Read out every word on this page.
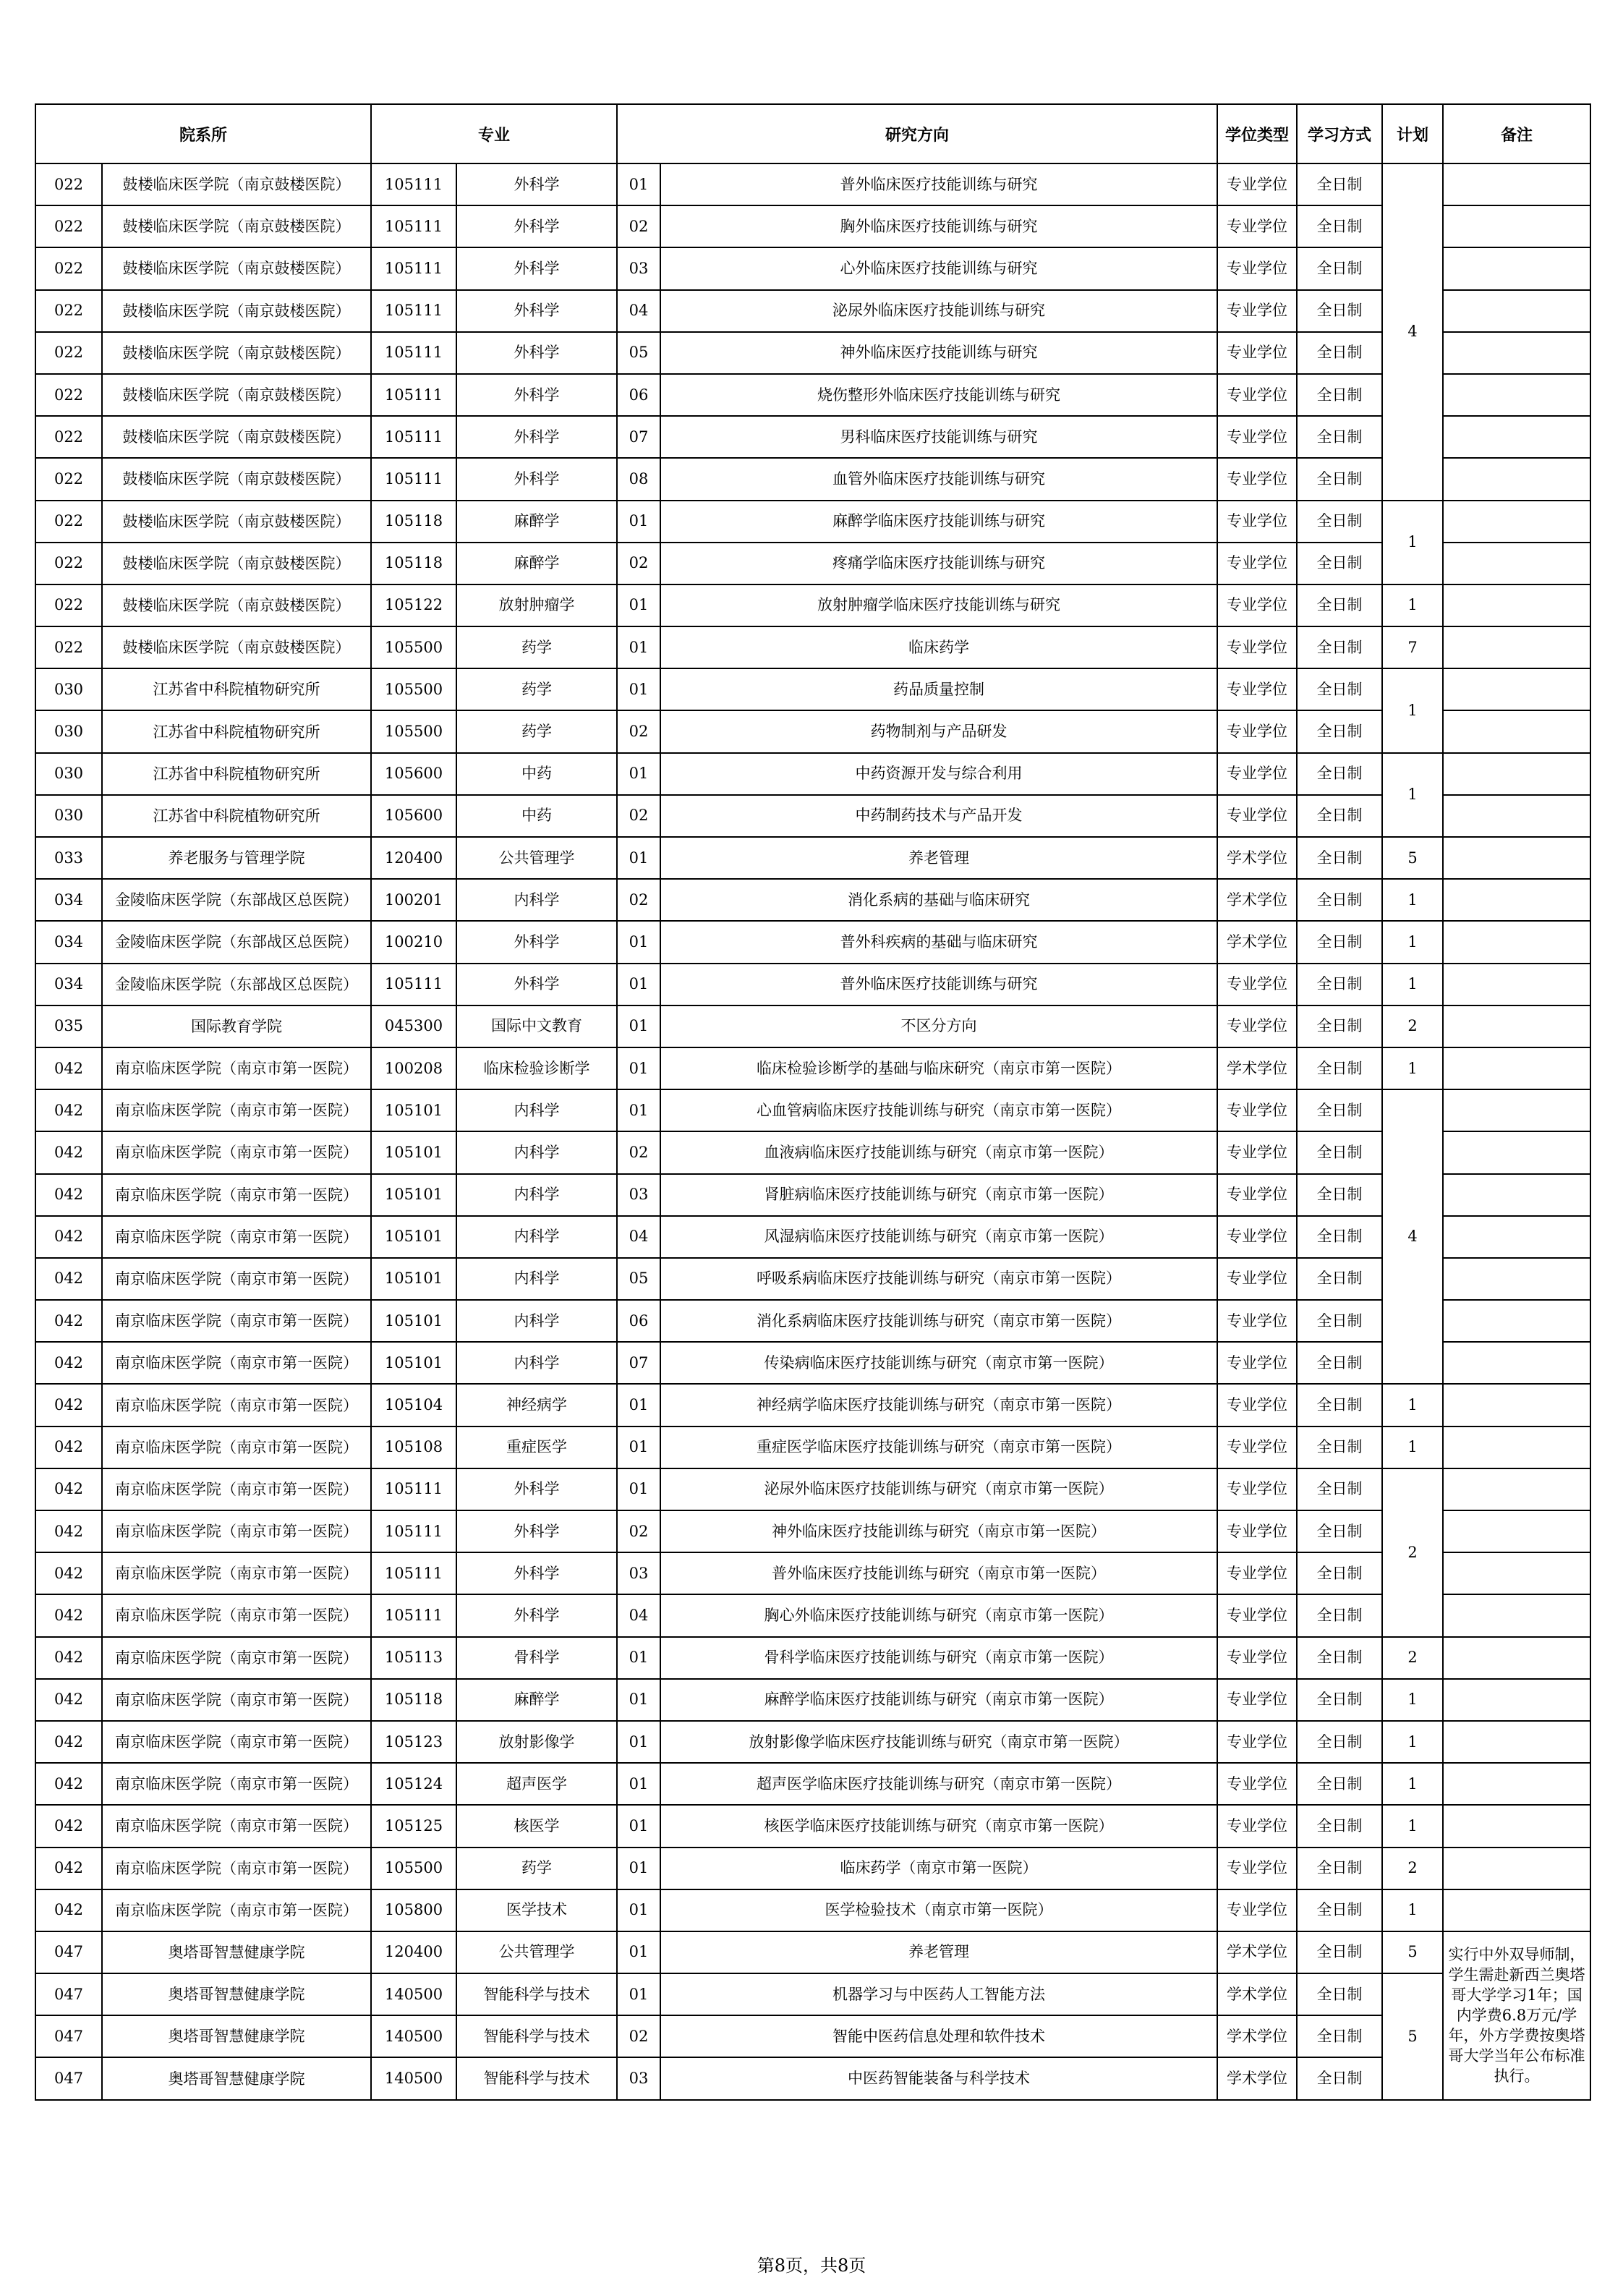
院系所		专业		研究方向		学位类型	学习方式	计划	备注
022	鼓楼临床医学院（南京鼓楼医院）	105111	外科学	01	普外临床医疗技能训练与研究	专业学位	全日制	4	
022	鼓楼临床医学院（南京鼓楼医院）	105111	外科学	02	胸外临床医疗技能训练与研究	专业学位	全日制		
022	鼓楼临床医学院（南京鼓楼医院）	105111	外科学	03	心外临床医疗技能训练与研究	专业学位	全日制		
022	鼓楼临床医学院（南京鼓楼医院）	105111	外科学	04	泌尿外临床医疗技能训练与研究	专业学位	全日制		
022	鼓楼临床医学院（南京鼓楼医院）	105111	外科学	05	神外临床医疗技能训练与研究	专业学位	全日制		
022	鼓楼临床医学院（南京鼓楼医院）	105111	外科学	06	烧伤整形外临床医疗技能训练与研究	专业学位	全日制		
022	鼓楼临床医学院（南京鼓楼医院）	105111	外科学	07	男科临床医疗技能训练与研究	专业学位	全日制		
022	鼓楼临床医学院（南京鼓楼医院）	105111	外科学	08	血管外临床医疗技能训练与研究	专业学位	全日制		
022	鼓楼临床医学院（南京鼓楼医院）	105118	麻醉学	01	麻醉学临床医疗技能训练与研究	专业学位	全日制	1	
022	鼓楼临床医学院（南京鼓楼医院）	105118	麻醉学	02	疼痛学临床医疗技能训练与研究	专业学位	全日制		
022	鼓楼临床医学院（南京鼓楼医院）	105122	放射肿瘤学	01	放射肿瘤学临床医疗技能训练与研究	专业学位	全日制	1	
022	鼓楼临床医学院（南京鼓楼医院）	105500	药学	01	临床药学	专业学位	全日制	7	
030	江苏省中科院植物研究所	105500	药学	01	药品质量控制	专业学位	全日制	1	
030	江苏省中科院植物研究所	105500	药学	02	药物制剂与产品研发	专业学位	全日制		
030	江苏省中科院植物研究所	105600	中药	01	中药资源开发与综合利用	专业学位	全日制	1	
030	江苏省中科院植物研究所	105600	中药	02	中药制药技术与产品开发	专业学位	全日制		
033	养老服务与管理学院	120400	公共管理学	01	养老管理	学术学位	全日制	5	
034	金陵临床医学院（东部战区总医院）	100201	内科学	02	消化系病的基础与临床研究	学术学位	全日制	1	
034	金陵临床医学院（东部战区总医院）	100210	外科学	01	普外科疾病的基础与临床研究	学术学位	全日制	1	
034	金陵临床医学院（东部战区总医院）	105111	外科学	01	普外临床医疗技能训练与研究	专业学位	全日制	1	
035	国际教育学院	045300	国际中文教育	01	不区分方向	专业学位	全日制	2	
042	南京临床医学院（南京市第一医院）	100208	临床检验诊断学	01	临床检验诊断学的基础与临床研究（南京市第一医院）	学术学位	全日制	1	
042	南京临床医学院（南京市第一医院）	105101	内科学	01	心血管病临床医疗技能训练与研究（南京市第一医院）	专业学位	全日制	4	
042	南京临床医学院（南京市第一医院）	105101	内科学	02	血液病临床医疗技能训练与研究（南京市第一医院）	专业学位	全日制		
042	南京临床医学院（南京市第一医院）	105101	内科学	03	肾脏病临床医疗技能训练与研究（南京市第一医院）	专业学位	全日制		
042	南京临床医学院（南京市第一医院）	105101	内科学	04	风湿病临床医疗技能训练与研究（南京市第一医院）	专业学位	全日制		
042	南京临床医学院（南京市第一医院）	105101	内科学	05	呼吸系病临床医疗技能训练与研究（南京市第一医院）	专业学位	全日制		
042	南京临床医学院（南京市第一医院）	105101	内科学	06	消化系病临床医疗技能训练与研究（南京市第一医院）	专业学位	全日制		
042	南京临床医学院（南京市第一医院）	105101	内科学	07	传染病临床医疗技能训练与研究（南京市第一医院）	专业学位	全日制		
042	南京临床医学院（南京市第一医院）	105104	神经病学	01	神经病学临床医疗技能训练与研究（南京市第一医院）	专业学位	全日制	1	
042	南京临床医学院（南京市第一医院）	105108	重症医学	01	重症医学临床医疗技能训练与研究（南京市第一医院）	专业学位	全日制	1	
042	南京临床医学院（南京市第一医院）	105111	外科学	01	泌尿外临床医疗技能训练与研究（南京市第一医院）	专业学位	全日制	2	
042	南京临床医学院（南京市第一医院）	105111	外科学	02	神外临床医疗技能训练与研究（南京市第一医院）	专业学位	全日制		
042	南京临床医学院（南京市第一医院）	105111	外科学	03	普外临床医疗技能训练与研究（南京市第一医院）	专业学位	全日制		
042	南京临床医学院（南京市第一医院）	105111	外科学	04	胸心外临床医疗技能训练与研究（南京市第一医院）	专业学位	全日制		
042	南京临床医学院（南京市第一医院）	105113	骨科学	01	骨科学临床医疗技能训练与研究（南京市第一医院）	专业学位	全日制	2	
042	南京临床医学院（南京市第一医院）	105118	麻醉学	01	麻醉学临床医疗技能训练与研究（南京市第一医院）	专业学位	全日制	1	
042	南京临床医学院（南京市第一医院）	105123	放射影像学	01	放射影像学临床医疗技能训练与研究（南京市第一医院）	专业学位	全日制	1	
042	南京临床医学院（南京市第一医院）	105124	超声医学	01	超声医学临床医疗技能训练与研究（南京市第一医院）	专业学位	全日制	1	
042	南京临床医学院（南京市第一医院）	105125	核医学	01	核医学临床医疗技能训练与研究（南京市第一医院）	专业学位	全日制	1	
042	南京临床医学院（南京市第一医院）	105500	药学	01	临床药学（南京市第一医院）	专业学位	全日制	2	
042	南京临床医学院（南京市第一医院）	105800	医学技术	01	医学检验技术（南京市第一医院）	专业学位	全日制	1	
047	奥塔哥智慧健康学院	120400	公共管理学	01	养老管理	学术学位	全日制	5	实行中外双导师制，学生需赴新西兰奥塔哥大学学习1年；国内学费6.8万元/学年，外方学费按奥塔哥大学当年公布标准执行。
047	奥塔哥智慧健康学院	140500	智能科学与技术	01	机器学习与中医药人工智能方法	学术学位	全日制	5	
047	奥塔哥智慧健康学院	140500	智能科学与技术	02	智能中医药信息处理和软件技术	学术学位	全日制		
047	奥塔哥智慧健康学院	140500	智能科学与技术	03	中医药智能装备与科学技术	学术学位	全日制		
第8页，共8页
